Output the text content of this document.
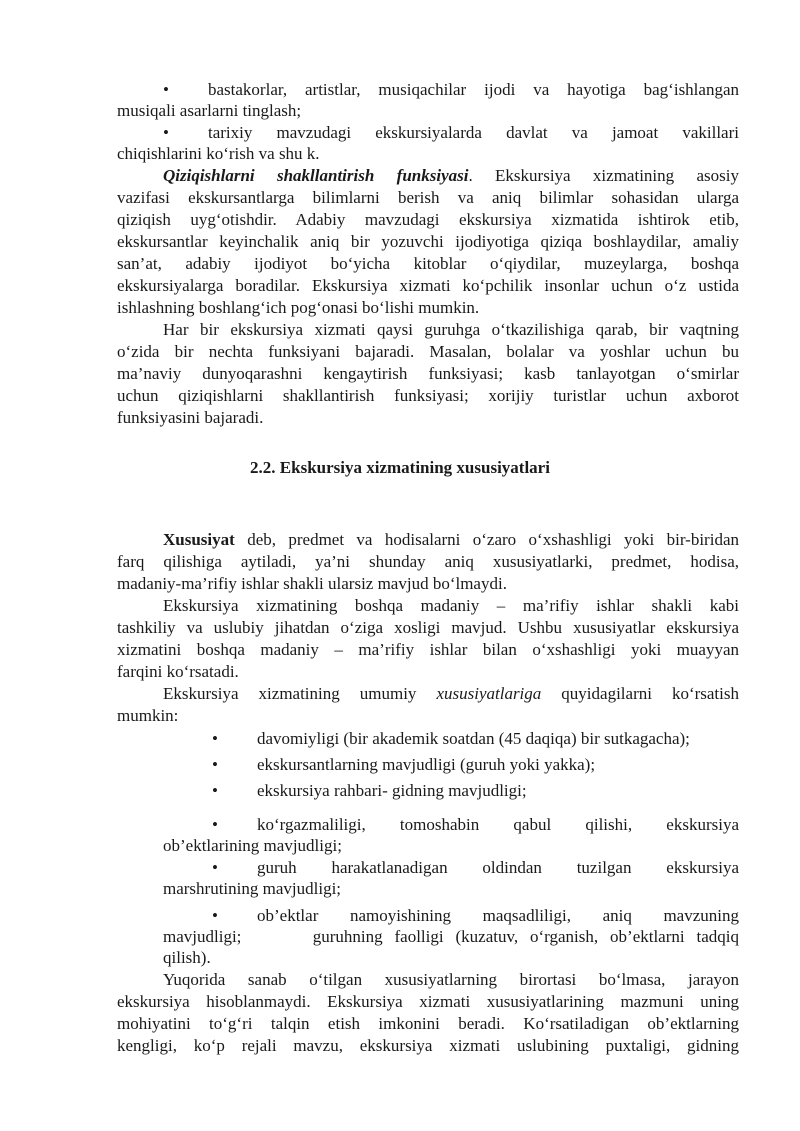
• bastakorlar, artistlar, musiqachilar ijodi va hayotiga bag‘ishlangan
musiqali asarlarni tinglash;
• tarixiy mavzudagi ekskursiyalarda davlat va jamoat vakillari
chiqishlarini ko‘rish va shu k.
Qiziqishlarni shakllantirish funksiyasi. Ekskursiya xizmatining asosiy
vazifasi ekskursantlarga bilimlarni berish va aniq bilimlar sohasidan ularga
qiziqish uyg‘otishdir. Adabiy mavzudagi ekskursiya xizmatida ishtirok etib,
ekskursantlar keyinchalik aniq bir yozuvchi ijodiyotiga qiziqa boshlaydilar, amaliy
san’at, adabiy ijodiyot bo‘yicha kitoblar o‘qiydilar, muzeylarga, boshqa
ekskursiyalarga boradilar. Ekskursiya xizmati ko‘pchilik insonlar uchun o‘z ustida
ishlashning boshlang‘ich pog‘onasi bo‘lishi mumkin.
Har bir ekskursiya xizmati qaysi guruhga o‘tkazilishiga qarab, bir vaqtning
o‘zida bir nechta funksiyani bajaradi. Masalan, bolalar va yoshlar uchun bu
ma’naviy dunyoqarashni kengaytirish funksiyasi; kasb tanlayotgan o‘smirlar
uchun qiziqishlarni shakllantirish funksiyasi; xorijiy turistlar uchun axborot
funksiyasini bajaradi.
2.2. Ekskursiya xizmatining xususiyatlari
Xususiyat deb, predmet va hodisalarni o‘zaro o‘xshashligi yoki bir-biridan
farq qilishiga aytiladi, ya’ni shunday aniq xususiyatlarki, predmet, hodisa,
madaniy-ma’rifiy ishlar shakli ularsiz mavjud bo‘lmaydi.
Ekskursiya xizmatining boshqa madaniy – ma’rifiy ishlar shakli kabi
tashkiliy va uslubiy jihatdan o‘ziga xosligi mavjud. Ushbu xususiyatlar ekskursiya
xizmatini boshqa madaniy – ma’rifiy ishlar bilan o‘xshashligi yoki muayyan
farqini ko‘rsatadi.
Ekskursiya xizmatining umumiy xususiyatlariga quyidagilarni ko‘rsatish
mumkin:
• davomiyligi (bir akademik soatdan (45 daqiqa) bir sutkagacha);
• ekskursantlarning mavjudligi (guruh yoki yakka);
• ekskursiya rahbari- gidning mavjudligi;
• ko‘rgazmaliligi, tomoshabin qabul qilishi, ekskursiya
ob’ektlarining mavjudligi;
• guruh harakatlanadigan oldindan tuzilgan ekskursiya
marshrutining mavjudligi;
• ob’ektlar namoyishining maqsadliligi, aniq mavzuning
mavjudligi;      guruhning faolligi (kuzatuv, o‘rganish, ob’ektlarni tadqiq
qilish).
Yuqorida sanab o‘tilgan xususiyatlarning birortasi bo‘lmasa, jarayon
ekskursiya hisoblanmaydi. Ekskursiya xizmati xususiyatlarining mazmuni uning
mohiyatini to‘g‘ri talqin etish imkonini beradi. Ko‘rsatiladigan ob’ektlarning
kengligi, ko‘p rejali mavzu, ekskursiya xizmati uslubining puxtaligi, gidning
